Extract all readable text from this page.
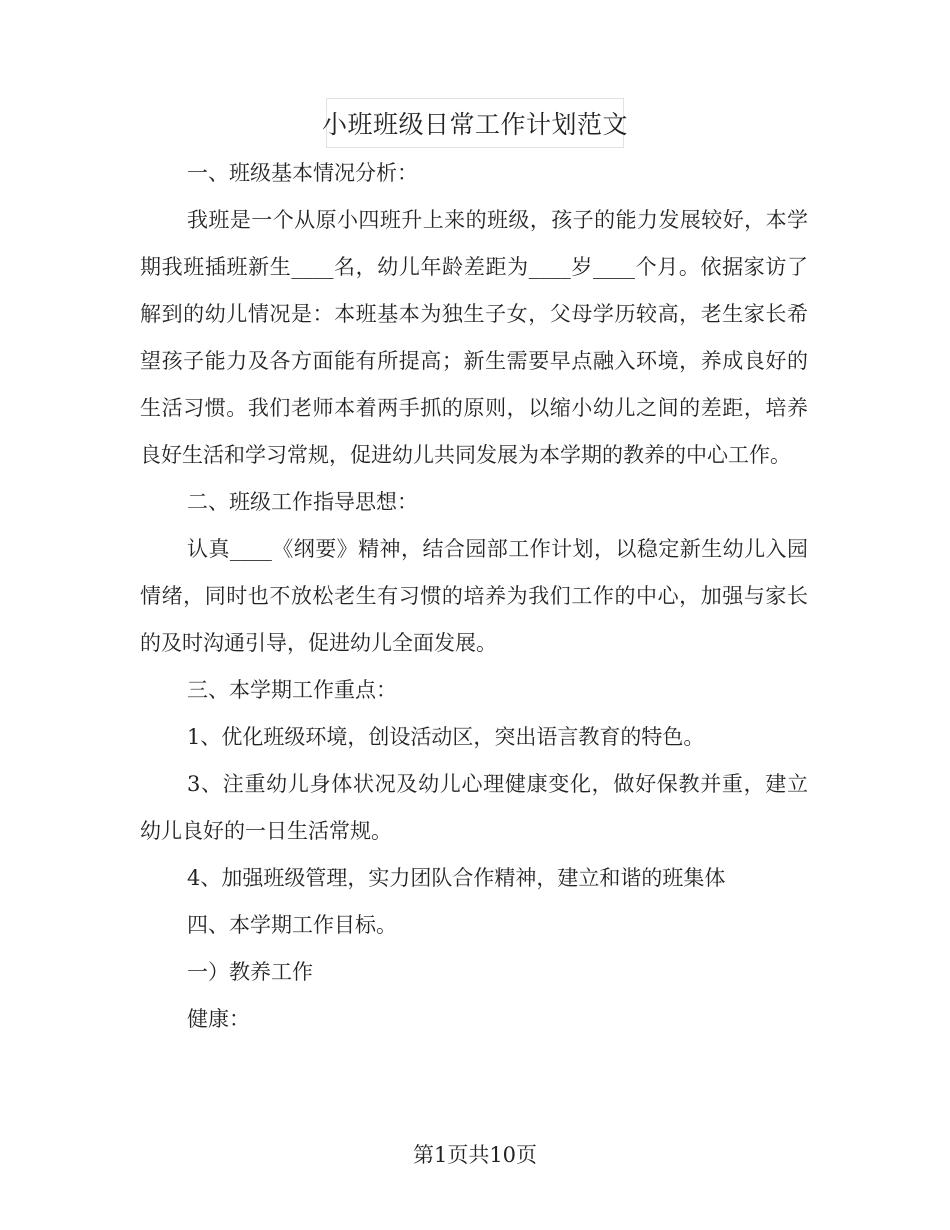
小班班级日常工作计划范文

一、班级基本情况分析：

我班是一个从原小四班升上来的班级，孩子的能力发展较好，本学期我班插班新生____名，幼儿年龄差距为____岁____个月。依据家访了解到的幼儿情况是：本班基本为独生子女，父母学历较高，老生家长希望孩子能力及各方面能有所提高；新生需要早点融入环境，养成良好的生活习惯。我们老师本着两手抓的原则，以缩小幼儿之间的差距，培养良好生活和学习常规，促进幼儿共同发展为本学期的教养的中心工作。

二、班级工作指导思想：

认真____《纲要》精神，结合园部工作计划，以稳定新生幼儿入园情绪，同时也不放松老生有习惯的培养为我们工作的中心，加强与家长的及时沟通引导，促进幼儿全面发展。

三、本学期工作重点：

1、优化班级环境，创设活动区，突出语言教育的特色。

3、注重幼儿身体状况及幼儿心理健康变化，做好保教并重，建立幼儿良好的一日生活常规。

4、加强班级管理，实力团队合作精神，建立和谐的班集体

四、本学期工作目标。

一）教养工作

健康：

第1页共10页
